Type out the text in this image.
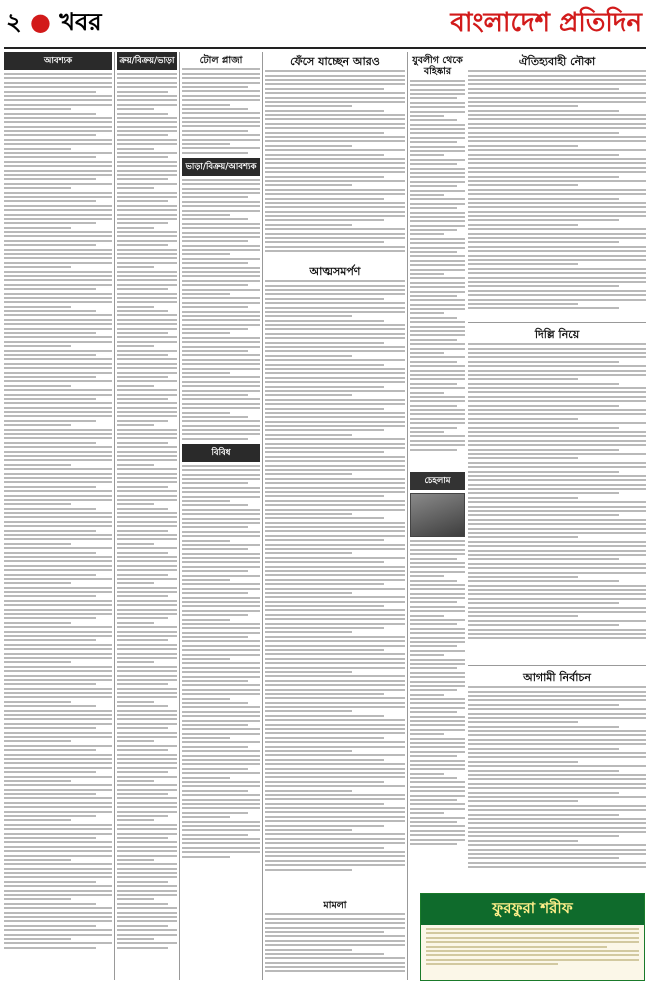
২ ● খবর	বাংলাদেশ প্রতিদিন
আবশ্যক	ক্রয়/বিক্রয়/ভাড়া	টোল প্লাজা
ভাড়া/বিক্রয়/আবশ্যক
বিবিধ
ফেঁসে যাচ্ছেন আরও
আত্মসমর্পণ
মামলা
যুবলীগ থেকে বহিষ্কার
চেহলাম
ঐতিহ্যবাহী নৌকা
দিল্লি নিয়ে
আগামী নির্বাচন
ফুরফুরা শরীফ
